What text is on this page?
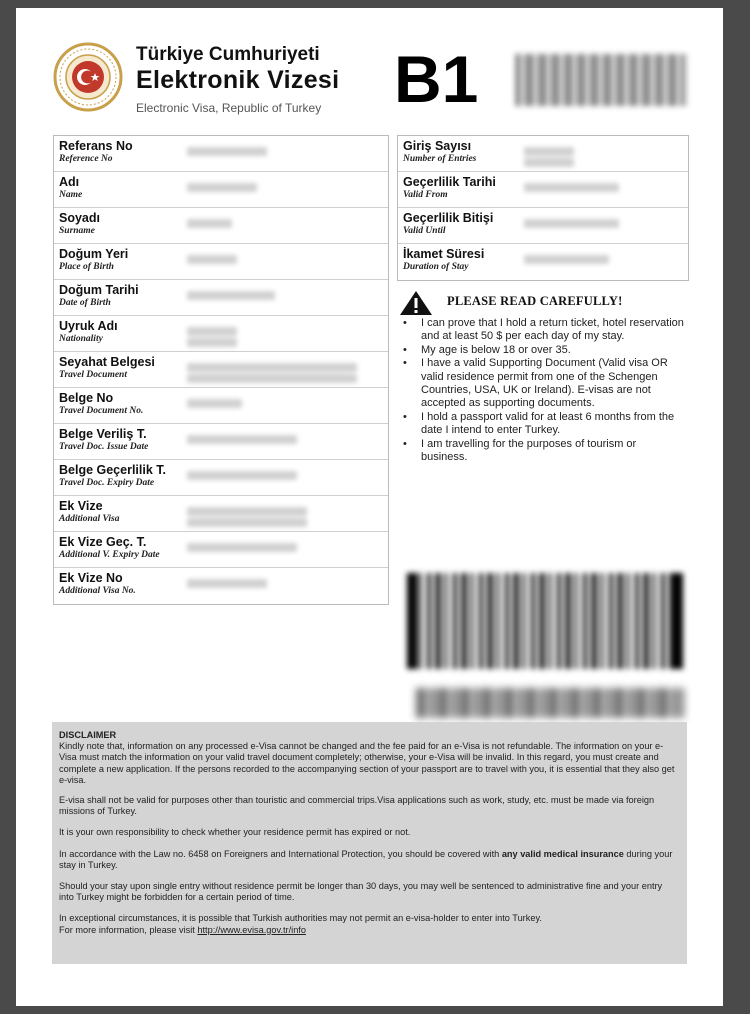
Türkiye Cumhuriyeti
Elektronik Vizesi
Electronic Visa, Republic of Turkey B1
Referans No
Reference No
Adı
Name
Soyadı
Surname
Doğum Yeri
Place of Birth
Doğum Tarihi
Date of Birth
Uyruk Adı
Nationality
Seyahat Belgesi
Travel Document
Belge No
Travel Document No.
Belge Veriliş T.
Travel Doc. Issue Date
Belge Geçerlilik T.
Travel Doc. Expiry Date
Ek Vize
Additional Visa
Ek Vize Geç. T.
Additional V. Expiry Date
Ek Vize No
Additional Visa No.
Giriş Sayısı
Number of Entries
Geçerlilik Tarihi
Valid From
Geçerlilik Bitişi
Valid Until
İkamet Süresi
Duration of Stay
PLEASE READ CAREFULLY!
• I can prove that I hold a return ticket, hotel reservation and at least 50 $ per each day of my stay.
• My age is below 18 or over 35.
• I have a valid Supporting Document (Valid visa OR valid residence permit from one of the Schengen Countries, USA, UK or Ireland). E-visas are not accepted as supporting documents.
• I hold a passport valid for at least 6 months from the date I intend to enter Turkey.
• I am travelling for the purposes of tourism or business.
DISCLAIMER

Kindly note that, information on any processed e-Visa cannot be changed and the fee paid for an e-Visa is not refundable. The information on your e-Visa must match the information on your valid travel document completely; otherwise, your e-Visa will be invalid. In this regard, you must create and complete a new application. If the persons recorded to the accompanying section of your passport are to travel with you, it is essential that they also get e-visa.

E-visa shall not be valid for purposes other than touristic and commercial trips.Visa applications such as work, study, etc. must be made via foreign missions of Turkey.

It is your own responsibility to check whether your residence permit has expired or not.

In accordance with the Law no. 6458 on Foreigners and International Protection, you should be covered with any valid medical insurance during your stay in Turkey.

Should your stay upon single entry without residence permit be longer than 30 days, you may well be sentenced to administrative fine and your entry into Turkey might be forbidden for a certain period of time.

In exceptional circumstances, it is possible that Turkish authorities may not permit an e-visa-holder to enter into Turkey.

For more information, please visit http://www.evisa.gov.tr/info
